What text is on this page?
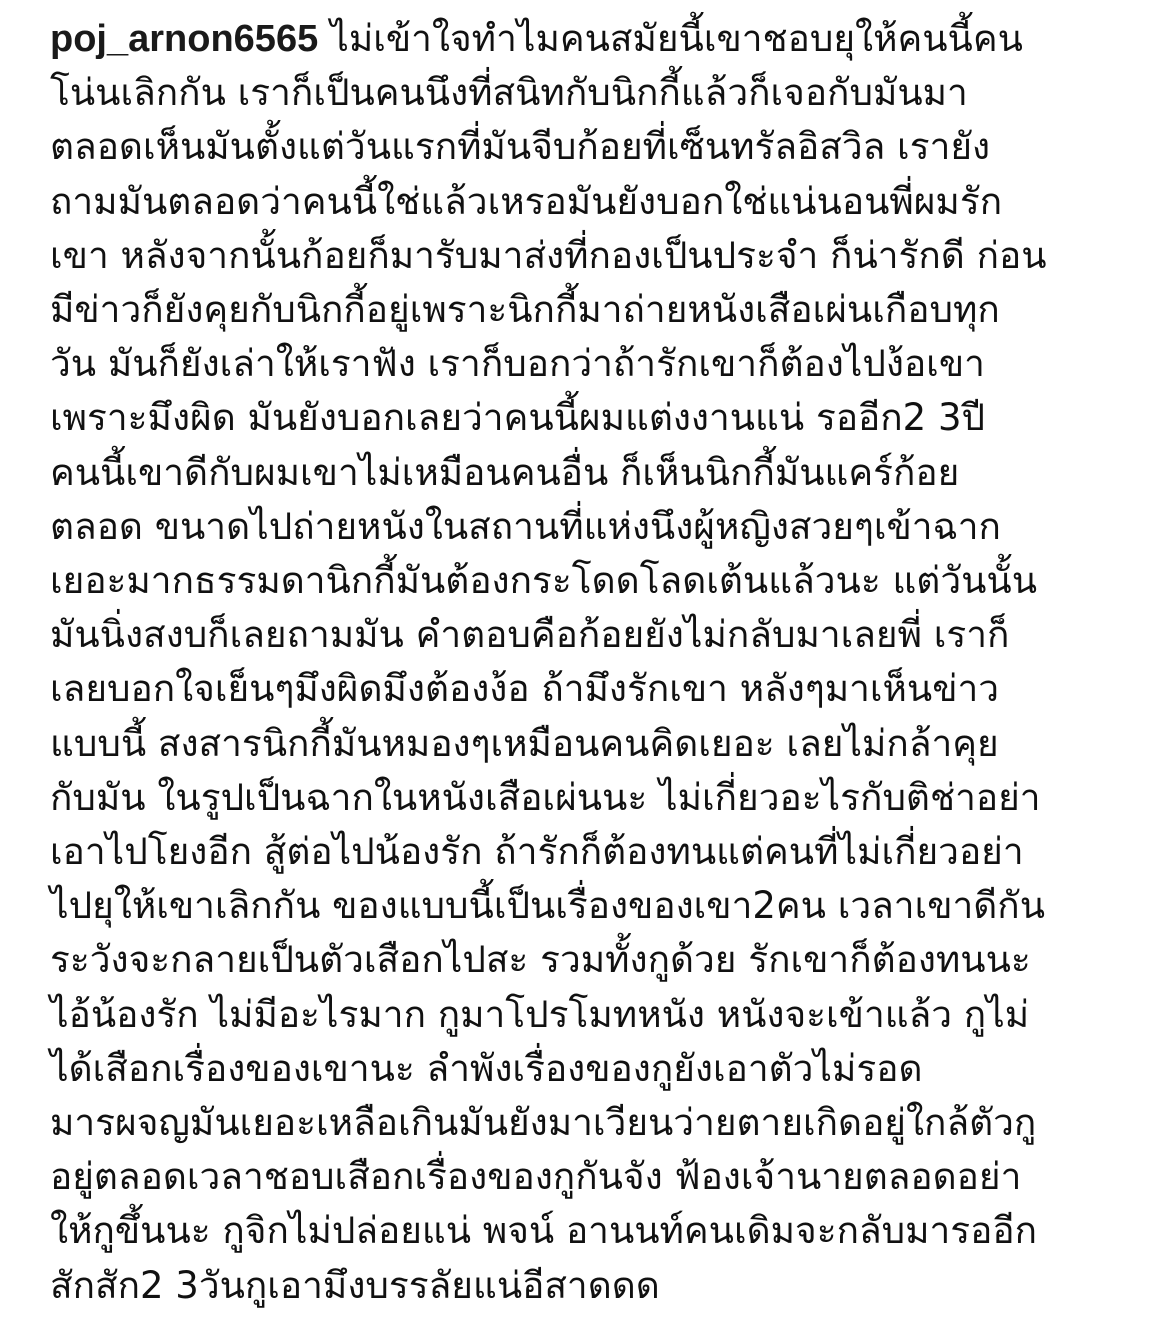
poj_arnon6565 ไม่เข้าใจทำไมคนสมัยนี้เขาชอบยุให้คนนี้คน
โน่นเลิกกัน เราก็เป็นคนนึงที่สนิทกับนิกกี้แล้วก็เจอกับมันมา
ตลอดเห็นมันตั้งแต่วันแรกที่มันจีบก้อยที่เซ็นทรัลอิสวิล เรายัง
ถามมันตลอดว่าคนนี้ใช่แล้วเหรอมันยังบอกใช่แน่นอนพี่ผมรัก
เขา หลังจากนั้นก้อยก็มารับมาส่งที่กองเป็นประจำ ก็น่ารักดี ก่อน
มีข่าวก็ยังคุยกับนิกกี้อยู่เพราะนิกกี้มาถ่ายหนังเสือเผ่นเกือบทุก
วัน มันก็ยังเล่าให้เราฟัง เราก็บอกว่าถ้ารักเขาก็ต้องไปง้อเขา
เพราะมึงผิด มันยังบอกเลยว่าคนนี้ผมแต่งงานแน่ รออีก2 3ปี
คนนี้เขาดีกับผมเขาไม่เหมือนคนอื่น ก็เห็นนิกกี้มันแคร์ก้อย
ตลอด ขนาดไปถ่ายหนังในสถานที่แห่งนึงผู้หญิงสวยๆเข้าฉาก
เยอะมากธรรมดานิกกี้มันต้องกระโดดโลดเต้นแล้วนะ แต่วันนั้น
มันนิ่งสงบก็เลยถามมัน คำตอบคือก้อยยังไม่กลับมาเลยพี่ เราก็
เลยบอกใจเย็นๆมึงผิดมึงต้องง้อ ถ้ามึงรักเขา หลังๆมาเห็นข่าว
แบบนี้ สงสารนิกกี้มันหมองๆเหมือนคนคิดเยอะ เลยไม่กล้าคุย
กับมัน ในรูปเป็นฉากในหนังเสือเผ่นนะ ไม่เกี่ยวอะไรกับติช่าอย่า
เอาไปโยงอีก สู้ต่อไปน้องรัก ถ้ารักก็ต้องทนแต่คนที่ไม่เกี่ยวอย่า
ไปยุให้เขาเลิกกัน ของแบบนี้เป็นเรื่องของเขา2คน เวลาเขาดีกัน
ระวังจะกลายเป็นตัวเสือกไปสะ รวมทั้งกูด้วย รักเขาก็ต้องทนนะ
ไอ้น้องรัก ไม่มีอะไรมาก กูมาโปรโมทหนัง หนังจะเข้าแล้ว กูไม่
ได้เสือกเรื่องของเขานะ ลำพังเรื่องของกูยังเอาตัวไม่รอด
มารผจญมันเยอะเหลือเกินมันยังมาเวียนว่ายตายเกิดอยู่ใกล้ตัวกู
อยู่ตลอดเวลาชอบเสือกเรื่องของกูกันจัง ฟ้องเจ้านายตลอดอย่า
ให้กูขึ้นนะ กูจิกไม่ปล่อยแน่ พจน์ อานนท์คนเดิมจะกลับมารออีก
สักสัก2 3วันกูเอามึงบรรลัยแน่อีสาดดด
